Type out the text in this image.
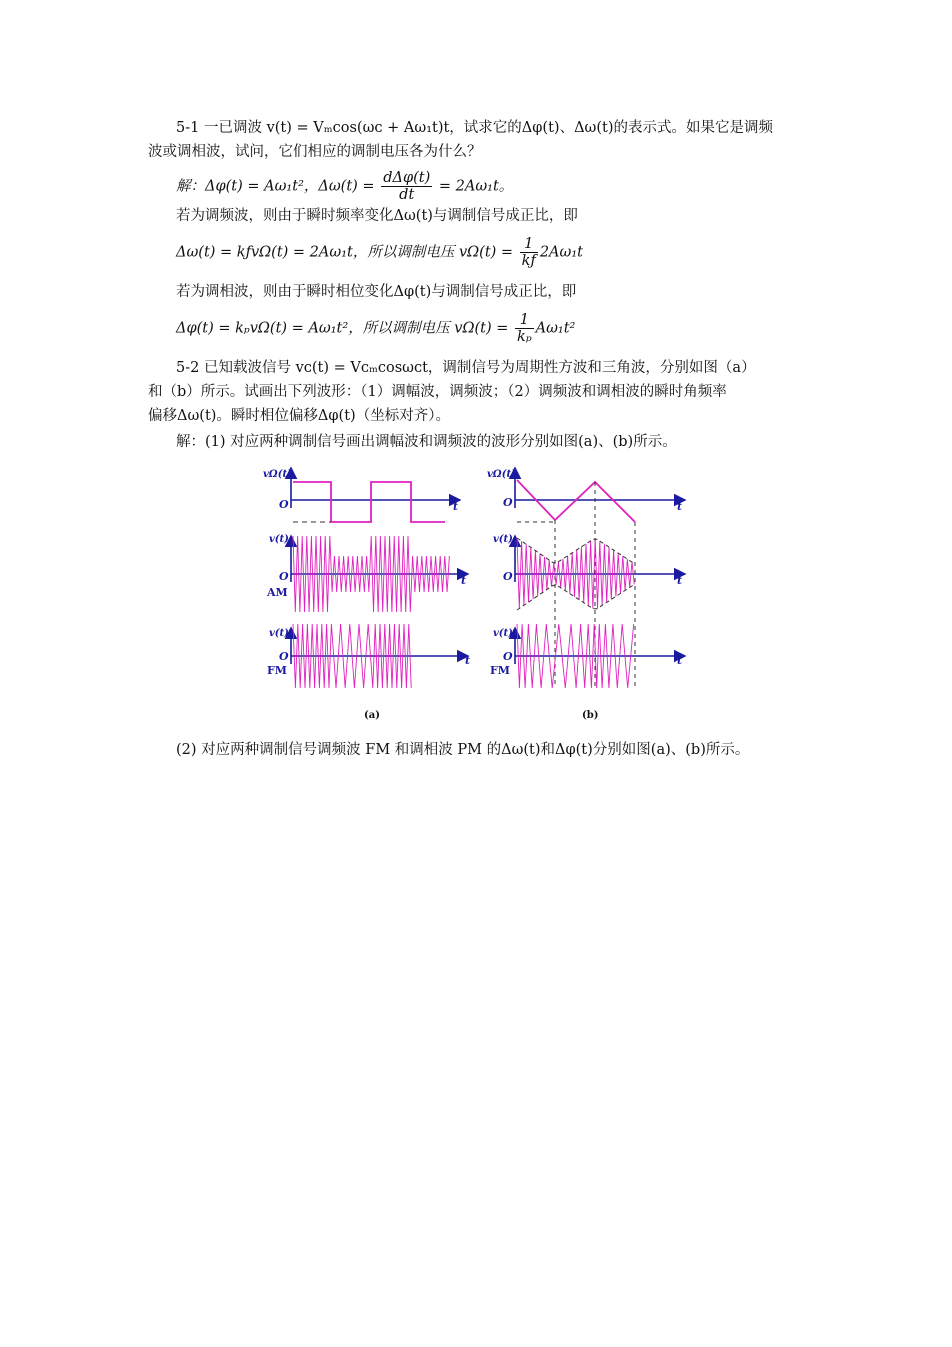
5-1 一已调波 v(t) = Vₘcos(ωᴄ + Aω₁t)t，试求它的Δφ(t)、Δω(t)的表示式。如果它是调频
波或调相波，试问，它们相应的调制电压各为什么？
解：Δφ(t) = Aω₁t²，$\Delta\omega(t) = \frac{\text{dΔφ(t)}}{dt} = 2A\omega_1t$。
若为调频波，则由于瞬时频率变化Δω(t)与调制信号成正比，即
Δω(t) = kƒvΩ(t) = 2Aω₁t，所以调制电压 $v\Omega(t) = \frac{1}{kƒ} 2A\omega_1t$
若为调相波，则由于瞬时相位变化Δφ(t)与调制信号成正比，即
Δφ(t) = kₚvΩ(t) = Aω₁t²，所以调制电压 $v\Omega(t) = \frac{1}{\text{kₚ}} A\omega_1t^2$
5-2 已知载波信号 vᴄ(t) = Vᴄₘcosωᴄt，调制信号为周期性方波和三角波，分别如图（a）
和（b）所示。试画出下列波形：（1）调幅波，调频波；（2）调频波和调相波的瞬时角频率
偏移Δω(t)。瞬时相位偏移Δφ(t)（坐标对齐）。
解：(1) 对应两种调制信号画出调幅波和调频波的波形分别如图(a)、(b)所示。
vΩ(t)
O	t
v(t)
O
AM
t
v(t)
O
FM
t
(a)
vΩ(t)
O	t
v(t)
O	t
v(t)
O
FM
t
(b)
(2) 对应两种调制信号调频波 FM 和调相波 PM 的Δω(t)和Δφ(t)分别如图(a)、(b)所示。
